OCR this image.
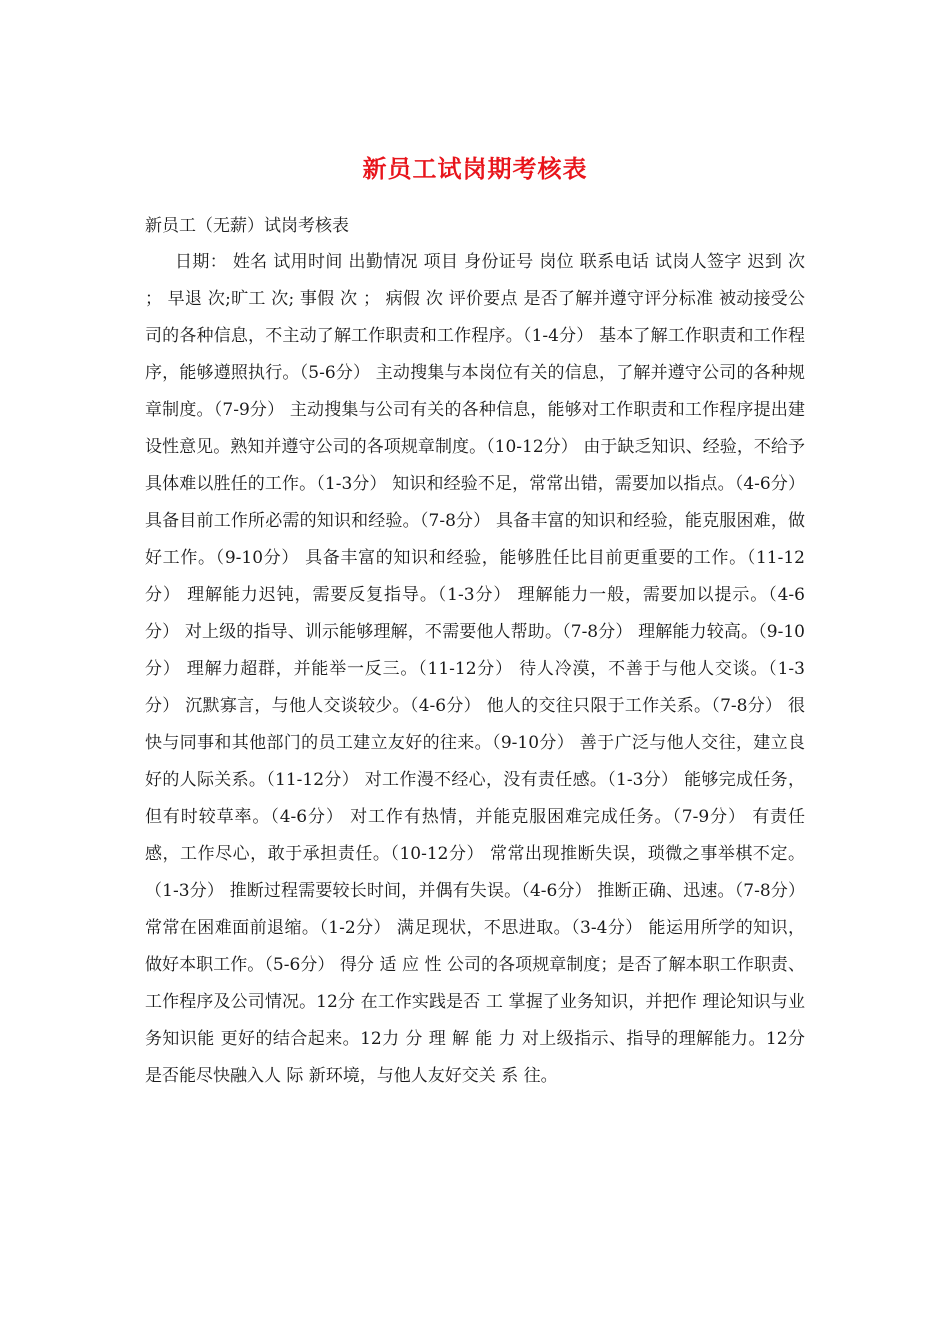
新员工试岗期考核表

新员工（无薪）试岗考核表

日期： 姓名 试用时间 出勤情况 项目 身份证号 岗位 联系电话 试岗人签字 迟到 次 ； 早退 次;旷工 次; 事假 次 ； 病假 次 评价要点 是否了解并遵守评分标准 被动接受公司的各种信息，不主动了解工作职责和工作程序。（1-4分） 基本了解工作职责和工作程序，能够遵照执行。（5-6分） 主动搜集与本岗位有关的信息，了解并遵守公司的各种规章制度。（7-9分） 主动搜集与公司有关的各种信息，能够对工作职责和工作程序提出建设性意见。熟知并遵守公司的各项规章制度。（10-12分） 由于缺乏知识、经验，不给予具体难以胜任的工作。（1-3分） 知识和经验不足，常常出错，需要加以指点。（4-6分） 具备目前工作所必需的知识和经验。（7-8分） 具备丰富的知识和经验，能克服困难，做好工作。（9-10分） 具备丰富的知识和经验，能够胜任比目前更重要的工作。（11-12分） 理解能力迟钝，需要反复指导。（1-3分） 理解能力一般，需要加以提示。（4-6分） 对上级的指导、训示能够理解，不需要他人帮助。（7-8分） 理解能力较高。（9-10分） 理解力超群，并能举一反三。（11-12分） 待人冷漠，不善于与他人交谈。（1-3分） 沉默寡言，与他人交谈较少。（4-6分） 他人的交往只限于工作关系。（7-8分） 很快与同事和其他部门的员工建立友好的往来。（9-10分） 善于广泛与他人交往，建立良好的人际关系。（11-12分） 对工作漫不经心，没有责任感。（1-3分） 能够完成任务，但有时较草率。（4-6分） 对工作有热情，并能克服困难完成任务。（7-9分） 有责任感，工作尽心，敢于承担责任。（10-12分） 常常出现推断失误，琐微之事举棋不定。（1-3分） 推断过程需要较长时间，并偶有失误。（4-6分） 推断正确、迅速。（7-8分） 常常在困难面前退缩。（1-2分） 满足现状，不思进取。（3-4分） 能运用所学的知识，做好本职工作。（5-6分） 得分 适 应 性 公司的各项规章制度；是否了解本职工作职责、工作程序及公司情况。12分 在工作实践是否 工 掌握了业务知识，并把作 理论知识与业务知识能 更好的结合起来。12力 分 理 解 能 力 对上级指示、指导的理解能力。12分 是否能尽快融入人 际 新环境，与他人友好交关 系 往。
